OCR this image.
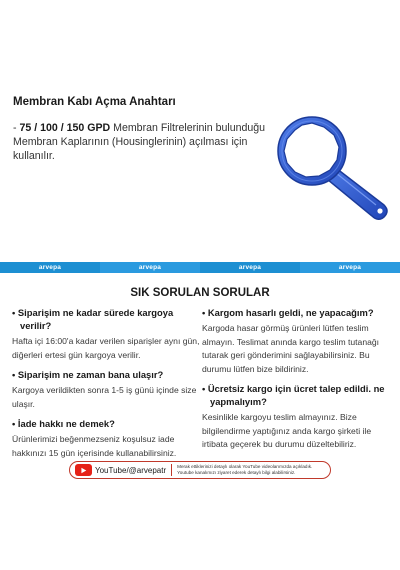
Membran Kabı Açma Anahtarı
- 75 / 100 / 150 GPD Membran Filtrelerinin bulunduğu Membran Kaplarının (Housinglerinin) açılması için kullanılır.
arvepa	arvepa	arvepa	arvepa
SIK SORULAN SORULAR
• Siparişim ne kadar sürede kargoya verilir?
Hafta içi 16:00'a kadar verilen siparişler aynı gün, diğerleri ertesi gün kargoya verilir.
• Siparişim ne zaman bana ulaşır?
Kargoya verildikten sonra 1-5 iş günü içinde size ulaşır.
• İade hakkı ne demek?
Ürünlerimizi beğenmezseniz koşulsuz iade hakkınızı 15 gün içerisinde kullanabilirsiniz.
• Kargom hasarlı geldi, ne yapacağım?
Kargoda hasar görmüş ürünleri lütfen teslim almayın. Teslimat anında kargo teslim tutanağı tutarak geri gönderimini sağlayabilirsiniz. Bu durumu lütfen bize bildiriniz.
• Ücretsiz kargo için ücret talep edildi. ne yapmalıyım?
Kesinlikle kargoyu teslim almayınız. Bize bilgilendirme yaptığınız anda kargo şirketi ile irtibata geçerek bu durumu düzeltebiliriz.
YouTube/@arvepatr Merak ettiklerinizi detaylı olarak YouTube videolarımızda açıkladık. Youtube kanalımızı ziyaret ederek detaylı bilgi alabilirsiniz.
